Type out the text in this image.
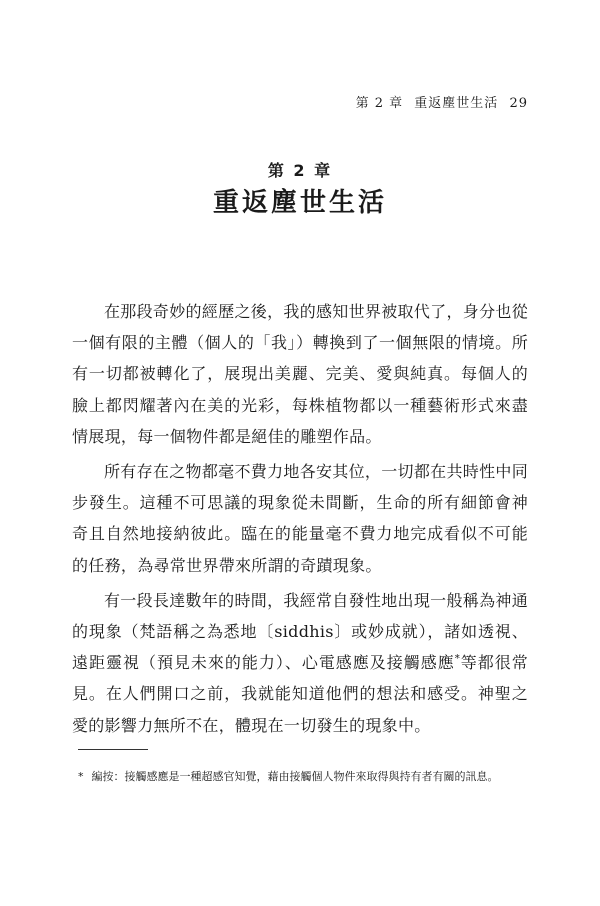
第 2 章 重返塵世生活 29
第 2 章
重返塵世生活

在那段奇妙的經歷之後，我的感知世界被取代了，身分也從一個有限的主體（個人的「我」）轉換到了一個無限的情境。所有一切都被轉化了，展現出美麗、完美、愛與純真。每個人的臉上都閃耀著內在美的光彩，每株植物都以一種藝術形式來盡情展現，每一個物件都是絕佳的雕塑作品。

所有存在之物都毫不費力地各安其位，一切都在共時性中同步發生。這種不可思議的現象從未間斷，生命的所有細節會神奇且自然地接納彼此。臨在的能量毫不費力地完成看似不可能的任務，為尋常世界帶來所謂的奇蹟現象。

有一段長達數年的時間，我經常自發性地出現一般稱為神通的現象（梵語稱之為悉地〔siddhis〕或妙成就），諸如透視、遠距靈視（預見未來的能力）、心電感應及接觸感應*等都很常見。在人們開口之前，我就能知道他們的想法和感受。神聖之愛的影響力無所不在，體現在一切發生的現象中。

* 編按：接觸感應是一種超感官知覺，藉由接觸個人物件來取得與持有者有關的訊息。
